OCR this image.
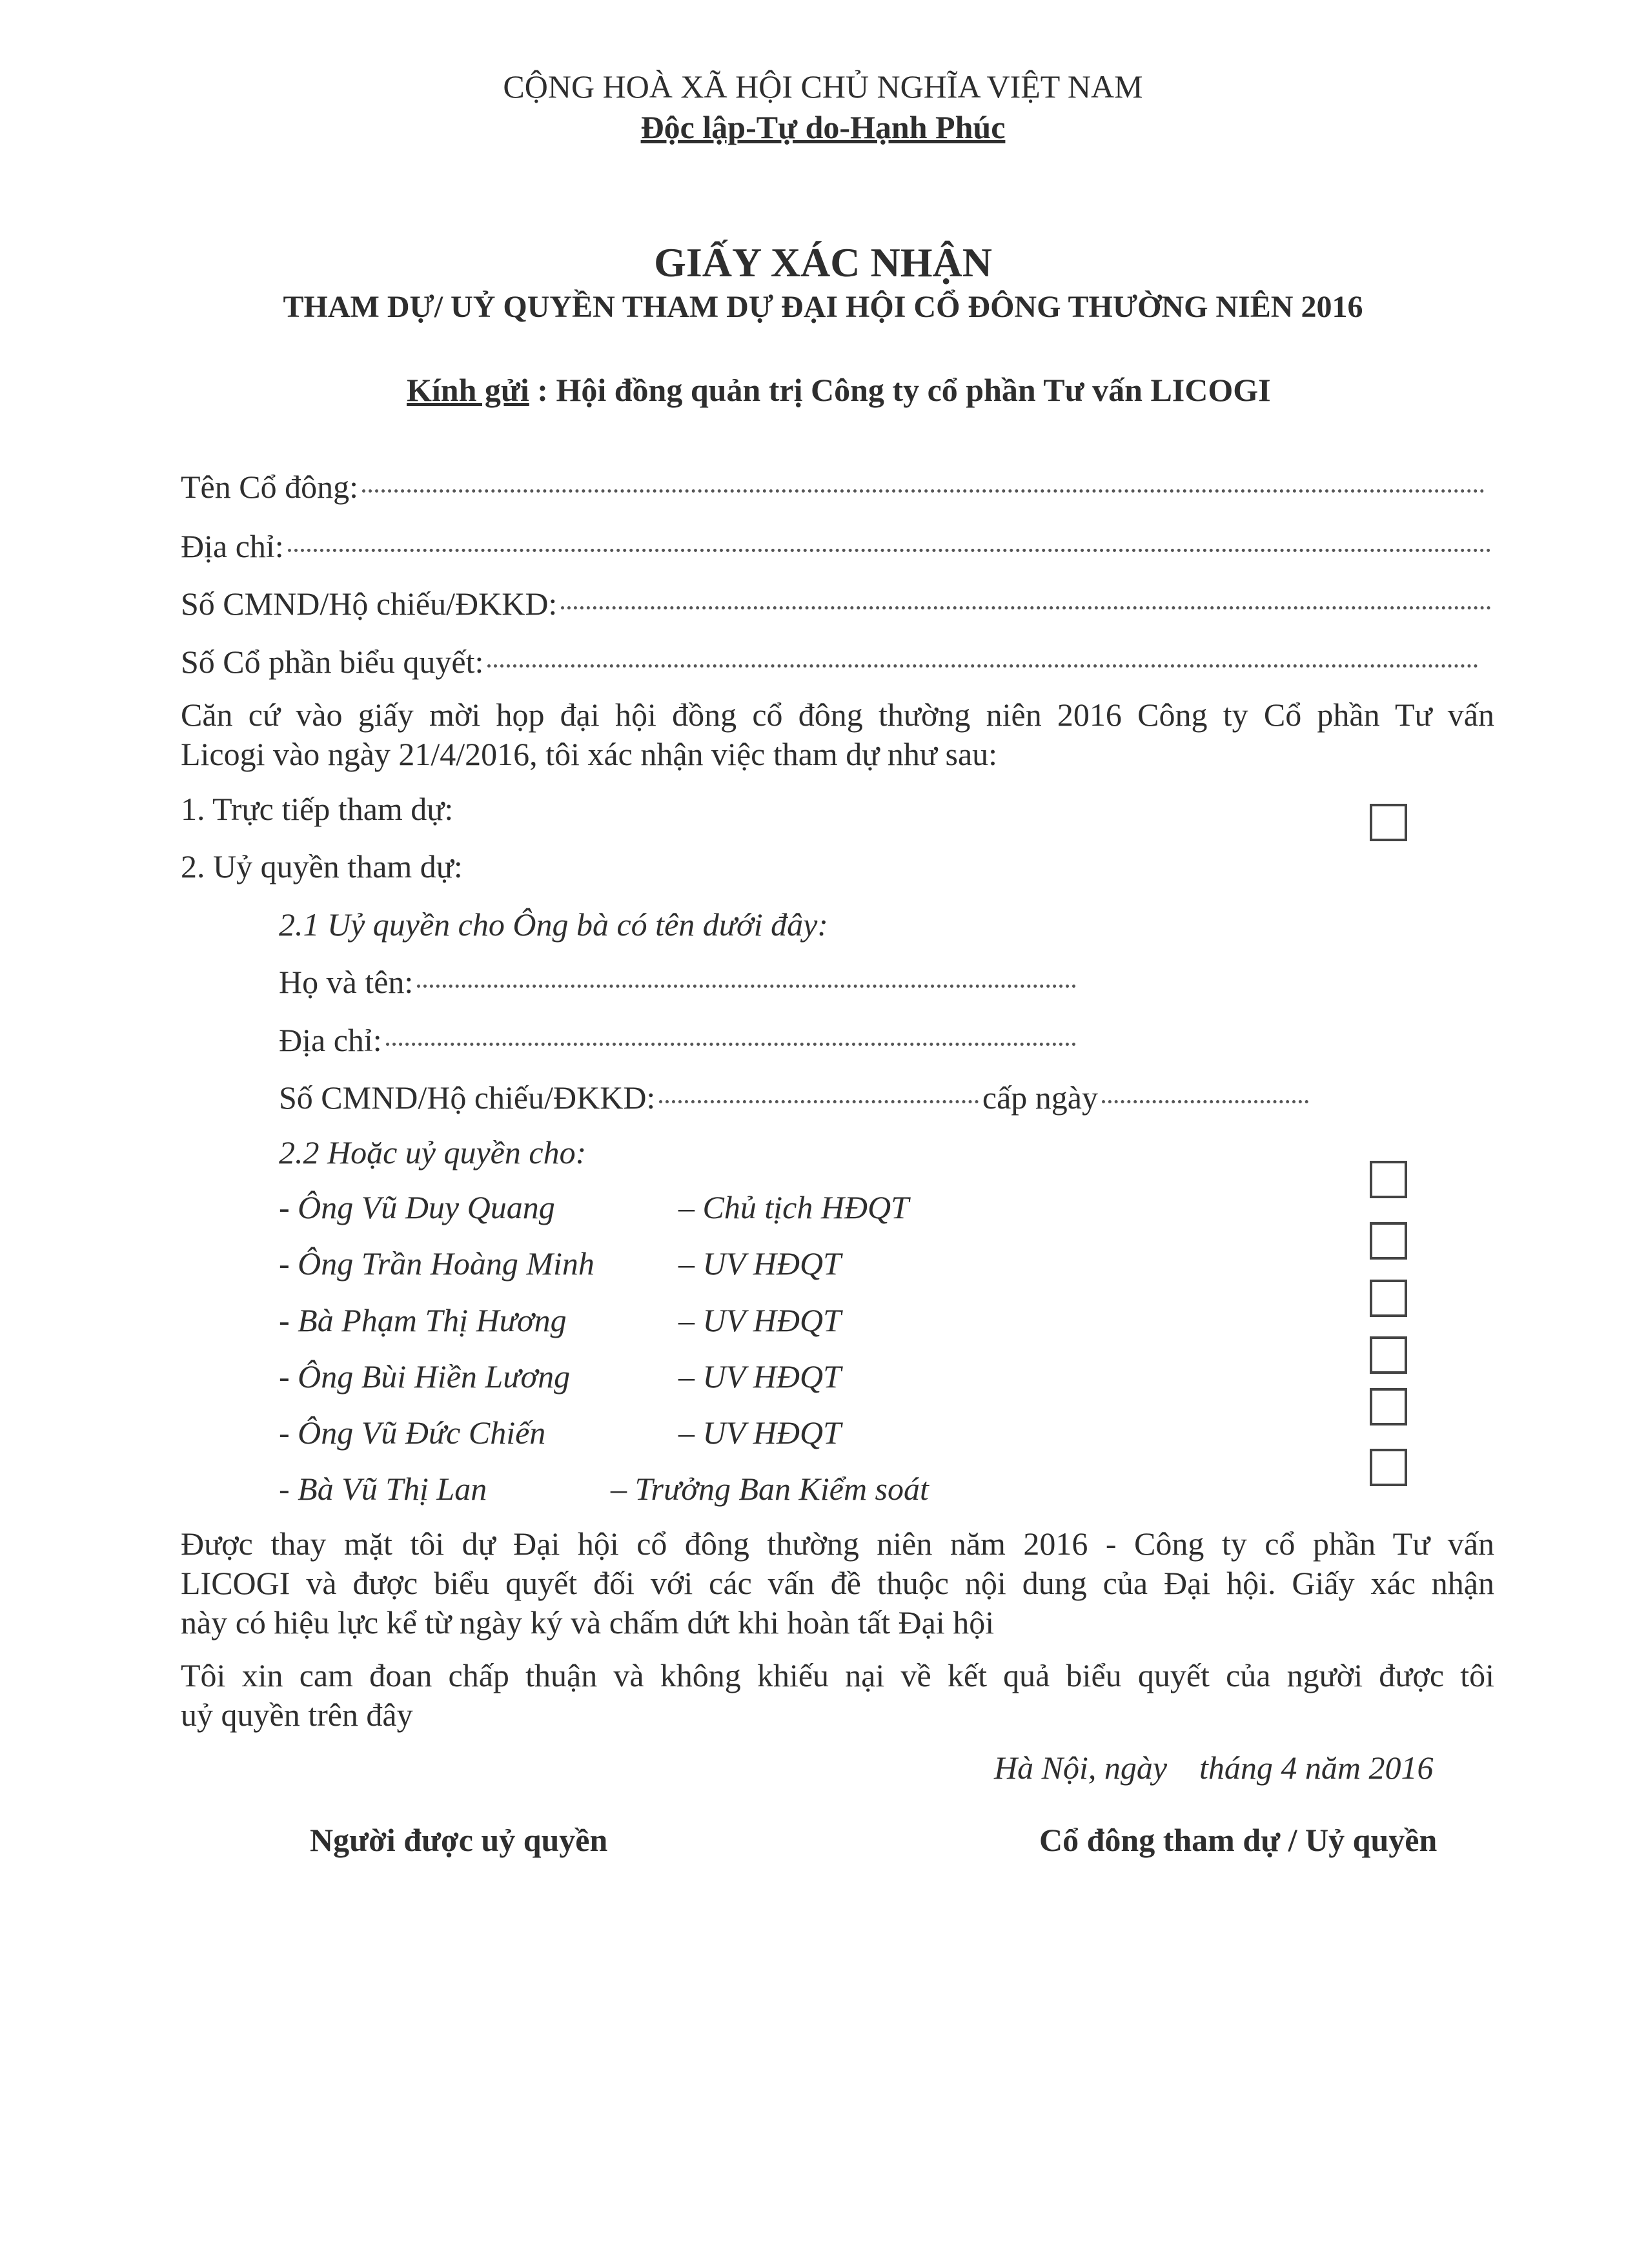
CỘNG HOÀ XÃ HỘI CHỦ NGHĨA VIỆT NAM
Độc lập-Tự do-Hạnh Phúc
GIẤY XÁC NHẬN
THAM DỰ/ UỶ QUYỀN THAM DỰ ĐẠI HỘI CỔ ĐÔNG THƯỜNG NIÊN 2016
Kính gửi : Hội đồng quản trị Công ty cổ phần Tư vấn LICOGI
Tên Cổ đông:
Địa chỉ:
Số CMND/Hộ chiếu/ĐKKD:
Số Cổ phần biểu quyết:
Căn cứ vào giấy mời họp đại hội đồng cổ đông thường niên 2016 Công ty Cổ phần Tư vấn
Licogi vào ngày 21/4/2016, tôi xác nhận việc tham dự như sau:
1. Trực tiếp tham dự:
2. Uỷ quyền tham dự:
2.1 Uỷ quyền cho Ông bà có tên dưới đây:
Họ và tên:
Địa chỉ:
Số CMND/Hộ chiếu/ĐKKD:	cấp ngày
2.2 Hoặc uỷ quyền cho:
- Ông Vũ Duy Quang	– Chủ tịch HĐQT
- Ông Trần Hoàng Minh	– UV HĐQT
- Bà Phạm Thị Hương	– UV HĐQT
- Ông Bùi Hiền Lương	– UV HĐQT
- Ông Vũ Đức Chiến	– UV HĐQT
- Bà Vũ Thị Lan	– Trưởng Ban Kiểm soát
Được thay mặt tôi dự Đại hội cổ đông thường niên năm 2016 - Công ty cổ phần Tư vấn
LICOGI và được biểu quyết đối với các vấn đề thuộc nội dung của Đại hội. Giấy xác nhận
này có hiệu lực kể từ ngày ký và chấm dứt khi hoàn tất Đại hội
Tôi xin cam đoan chấp thuận và không khiếu nại về kết quả biểu quyết của người được tôi
uỷ quyền trên đây
Hà Nội, ngày    tháng 4 năm 2016
Người được uỷ quyền	Cổ đông tham dự / Uỷ quyền
